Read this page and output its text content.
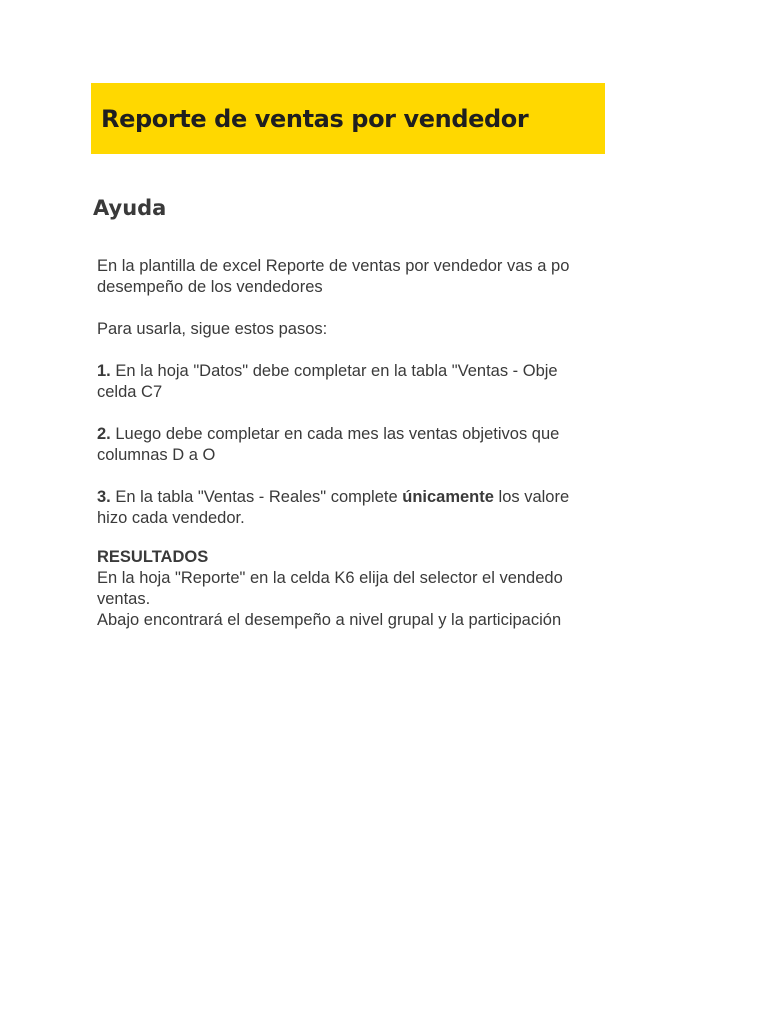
Reporte de ventas por vendedor
Ayuda
En la plantilla de excel Reporte de ventas por vendedor vas a po
desempeño de los vendedores
Para usarla, sigue estos pasos:
1. En la hoja "Datos" debe completar en la tabla "Ventas - Obje
celda C7
2. Luego debe completar en cada mes las ventas objetivos que
columnas D a O
3. En la tabla "Ventas - Reales" complete únicamente los valore
hizo cada vendedor.
RESULTADOS
En la hoja "Reporte" en la celda K6 elija del selector el vendedo
ventas.
Abajo encontrará el desempeño a nivel grupal y la participación
